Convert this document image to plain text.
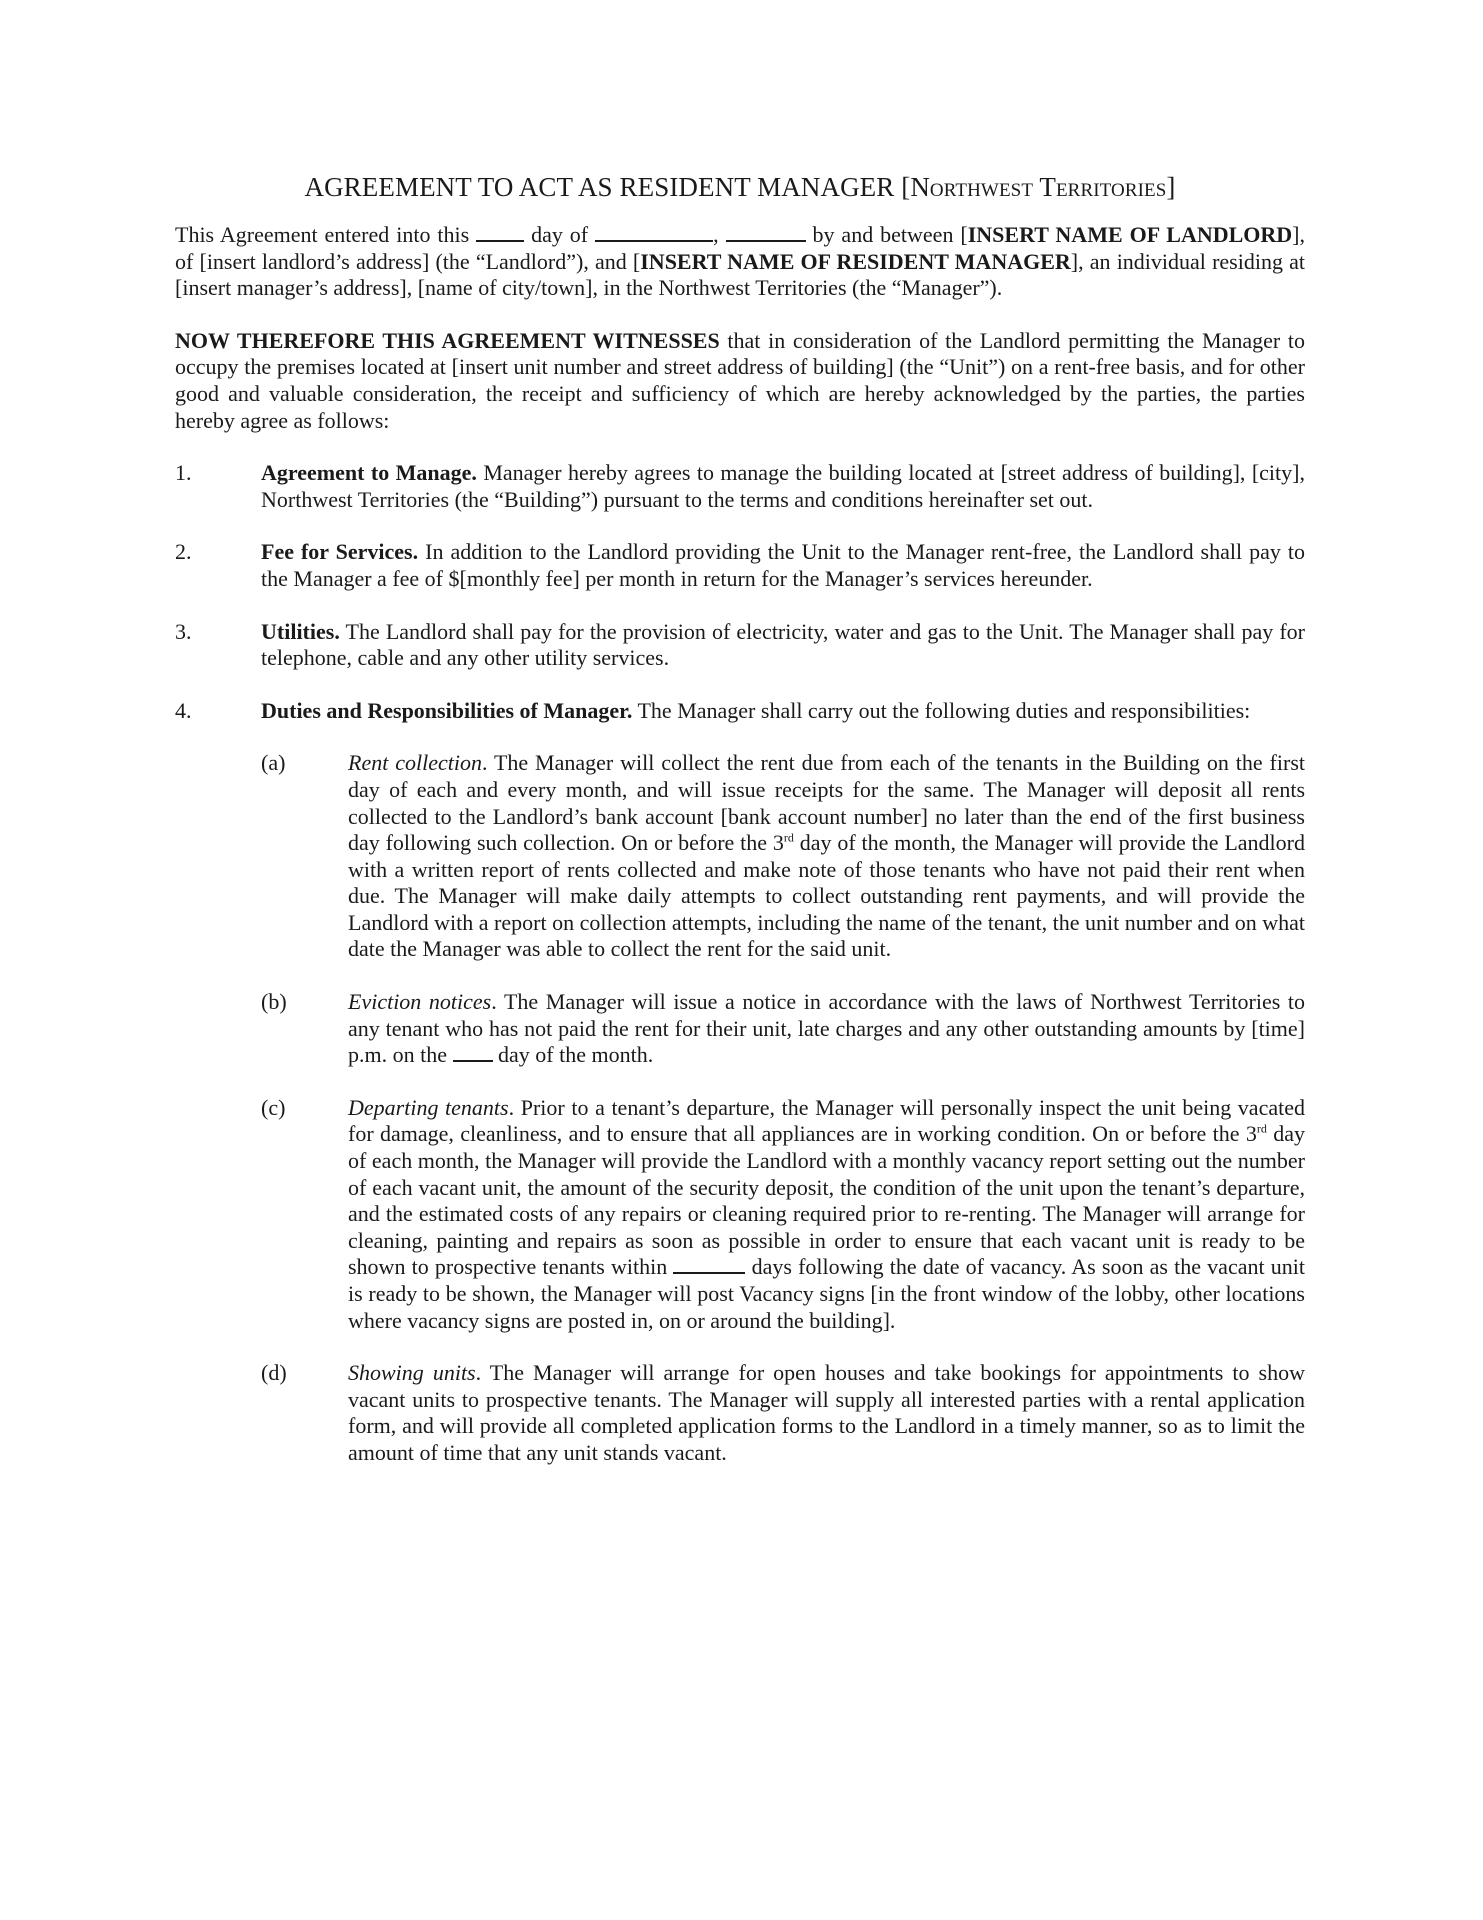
AGREEMENT TO ACT AS RESIDENT MANAGER [Northwest Territories]

This Agreement entered into this  day of	,	by and between [INSERT NAME OF LANDLORD], of [insert landlord’s address] (the “Landlord”), and [INSERT NAME OF RESIDENT MANAGER], an individual residing at [insert manager’s address], [name of city/town], in the Northwest Territories (the “Manager”).

NOW THEREFORE THIS AGREEMENT WITNESSES that in consideration of the Landlord permitting the Manager to occupy the premises located at [insert unit number and street address of building] (the “Unit”) on a rent-free basis, and for other good and valuable consideration, the receipt and sufficiency of which are hereby acknowledged by the parties, the parties hereby agree as follows:

1.	Agreement to Manage. Manager hereby agrees to manage the building located at [street address of building], [city], Northwest Territories (the “Building”) pursuant to the terms and conditions hereinafter set out.

2.	Fee for Services. In addition to the Landlord providing the Unit to the Manager rent-free, the Landlord shall pay to the Manager a fee of $[monthly fee] per month in return for the Manager’s services hereunder.

3.	Utilities. The Landlord shall pay for the provision of electricity, water and gas to the Unit. The Manager shall pay for telephone, cable and any other utility services.

4.	Duties and Responsibilities of Manager. The Manager shall carry out the following duties and responsibilities:

(a)	Rent collection. The Manager will collect the rent due from each of the tenants in the Building on the first day of each and every month, and will issue receipts for the same. The Manager will deposit all rents collected to the Landlord’s bank account [bank account number] no later than the end of the first business day following such collection. On or before the 3rd day of the month, the Manager will provide the Landlord with a written report of rents collected and make note of those tenants who have not paid their rent when due. The Manager will make daily attempts to collect outstanding rent payments, and will provide the Landlord with a report on collection attempts, including the name of the tenant, the unit number and on what date the Manager was able to collect the rent for the said unit.

(b)	Eviction notices. The Manager will issue a notice in accordance with the laws of Northwest Territories to any tenant who has not paid the rent for their unit, late charges and any other outstanding amounts by [time] p.m. on the  day of the month.

(c)	Departing tenants. Prior to a tenant’s departure, the Manager will personally inspect the unit being vacated for damage, cleanliness, and to ensure that all appliances are in working condition. On or before the 3rd day of each month, the Manager will provide the Landlord with a monthly vacancy report setting out the number of each vacant unit, the amount of the security deposit, the condition of the unit upon the tenant’s departure, and the estimated costs of any repairs or cleaning required prior to re-renting. The Manager will arrange for cleaning, painting and repairs as soon as possible in order to ensure that each vacant unit is ready to be shown to prospective tenants within	days following the date of vacancy. As soon as the vacant unit is ready to be shown, the Manager will post Vacancy signs [in the front window of the lobby, other locations where vacancy signs are posted in, on or around the building].

(d)	Showing units. The Manager will arrange for open houses and take bookings for appointments to show vacant units to prospective tenants. The Manager will supply all interested parties with a rental application form, and will provide all completed application forms to the Landlord in a timely manner, so as to limit the amount of time that any unit stands vacant.
